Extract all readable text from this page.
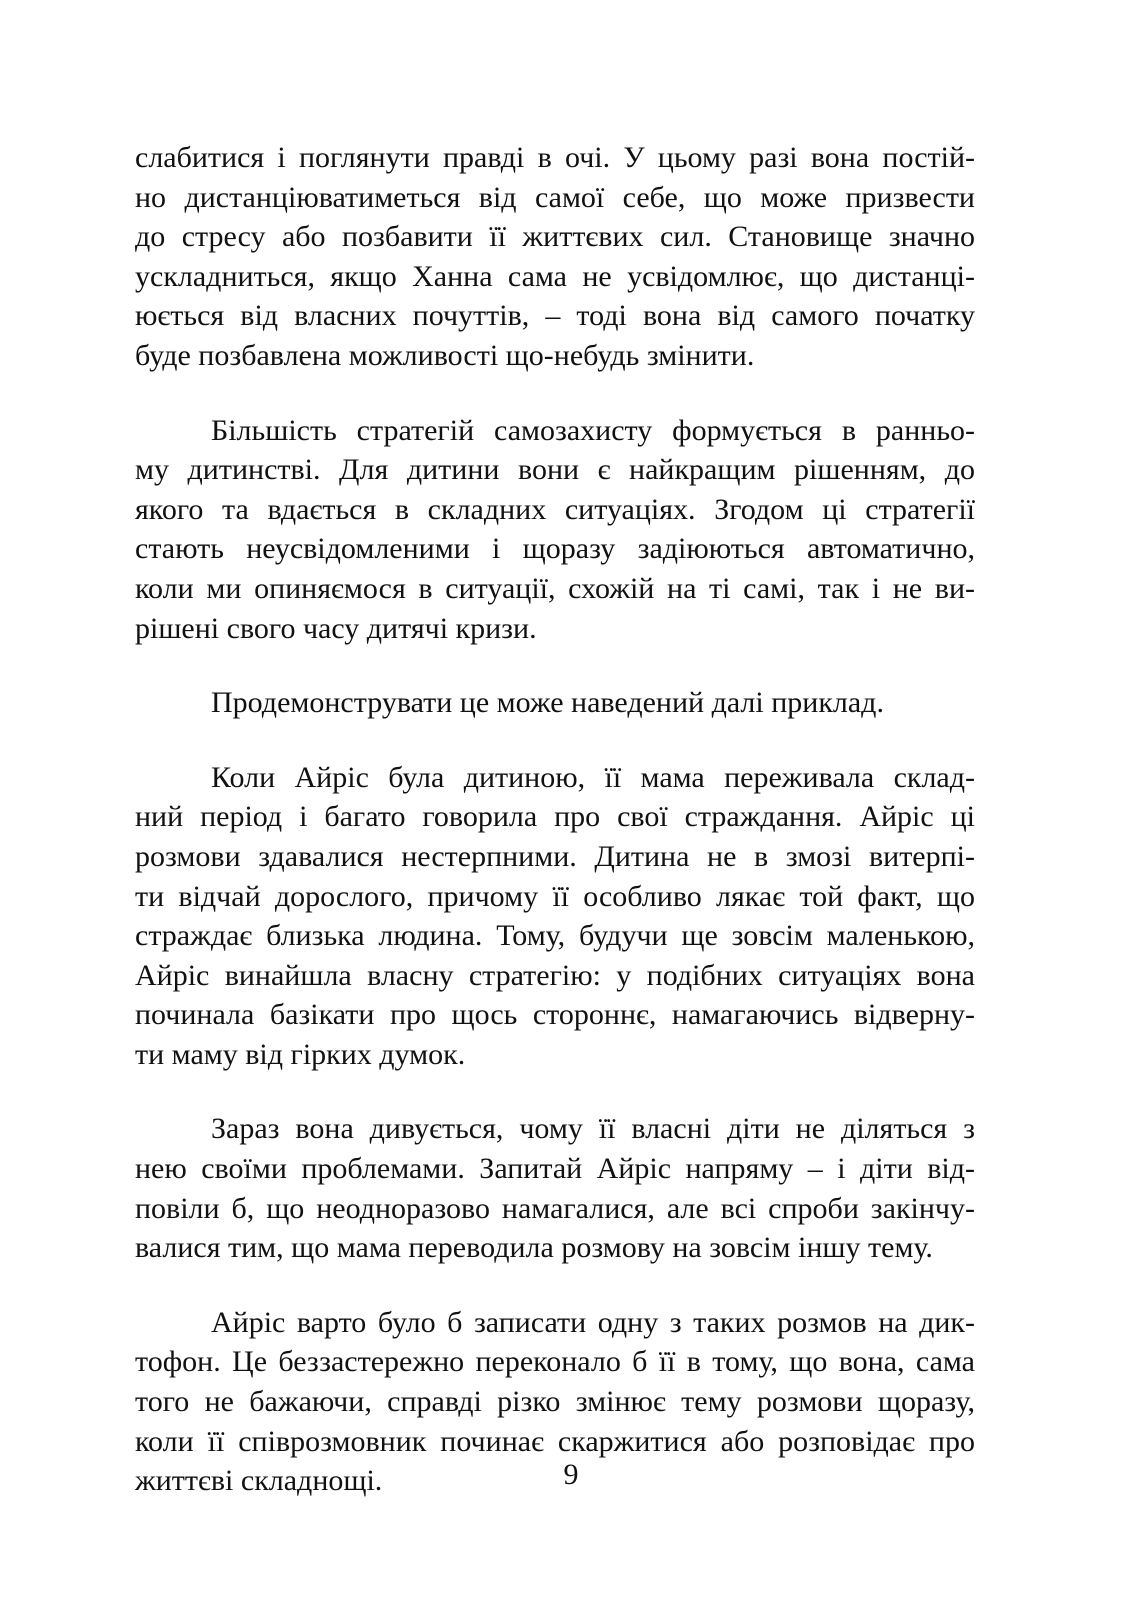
слабитися і поглянути правді в очі. У цьому разі вона постій-
но дистанціюватиметься від самої себе, що може призвести
до стресу або позбавити її життєвих сил. Становище значно
ускладниться, якщо Ханна сама не усвідомлює, що дистанці-
юється від власних почуттів, – тоді вона від самого початку
буде позбавлена можливості що-небудь змінити.
Більшість стратегій самозахисту формується в ранньо-
му дитинстві. Для дитини вони є найкращим рішенням, до
якого та вдається в складних ситуаціях. Згодом ці стратегії
стають неусвідомленими і щоразу задіюються автоматично,
коли ми опиняємося в ситуації, схожій на ті самі, так і не ви-
рішені свого часу дитячі кризи.
Продемонструвати це може наведений далі приклад.
Коли Айріс була дитиною, її мама переживала склад-
ний період і багато говорила про свої страждання. Айріс ці
розмови здавалися нестерпними. Дитина не в змозі витерпі-
ти відчай дорослого, причому її особливо лякає той факт, що
страждає близька людина. Тому, будучи ще зовсім маленькою,
Айріс винайшла власну стратегію: у подібних ситуаціях вона
починала базікати про щось стороннє, намагаючись відверну-
ти маму від гірких думок.
Зараз вона дивується, чому її власні діти не діляться з
нею своїми проблемами. Запитай Айріс напряму – і діти від-
повіли б, що неодноразово намагалися, але всі спроби закінчу-
валися тим, що мама переводила розмову на зовсім іншу тему.
Айріс варто було б записати одну з таких розмов на дик-
тофон. Це беззастережно переконало б її в тому, що вона, сама
того не бажаючи, справді різко змінює тему розмови щоразу,
коли її співрозмовник починає скаржитися або розповідає про
життєві складнощі.	9
